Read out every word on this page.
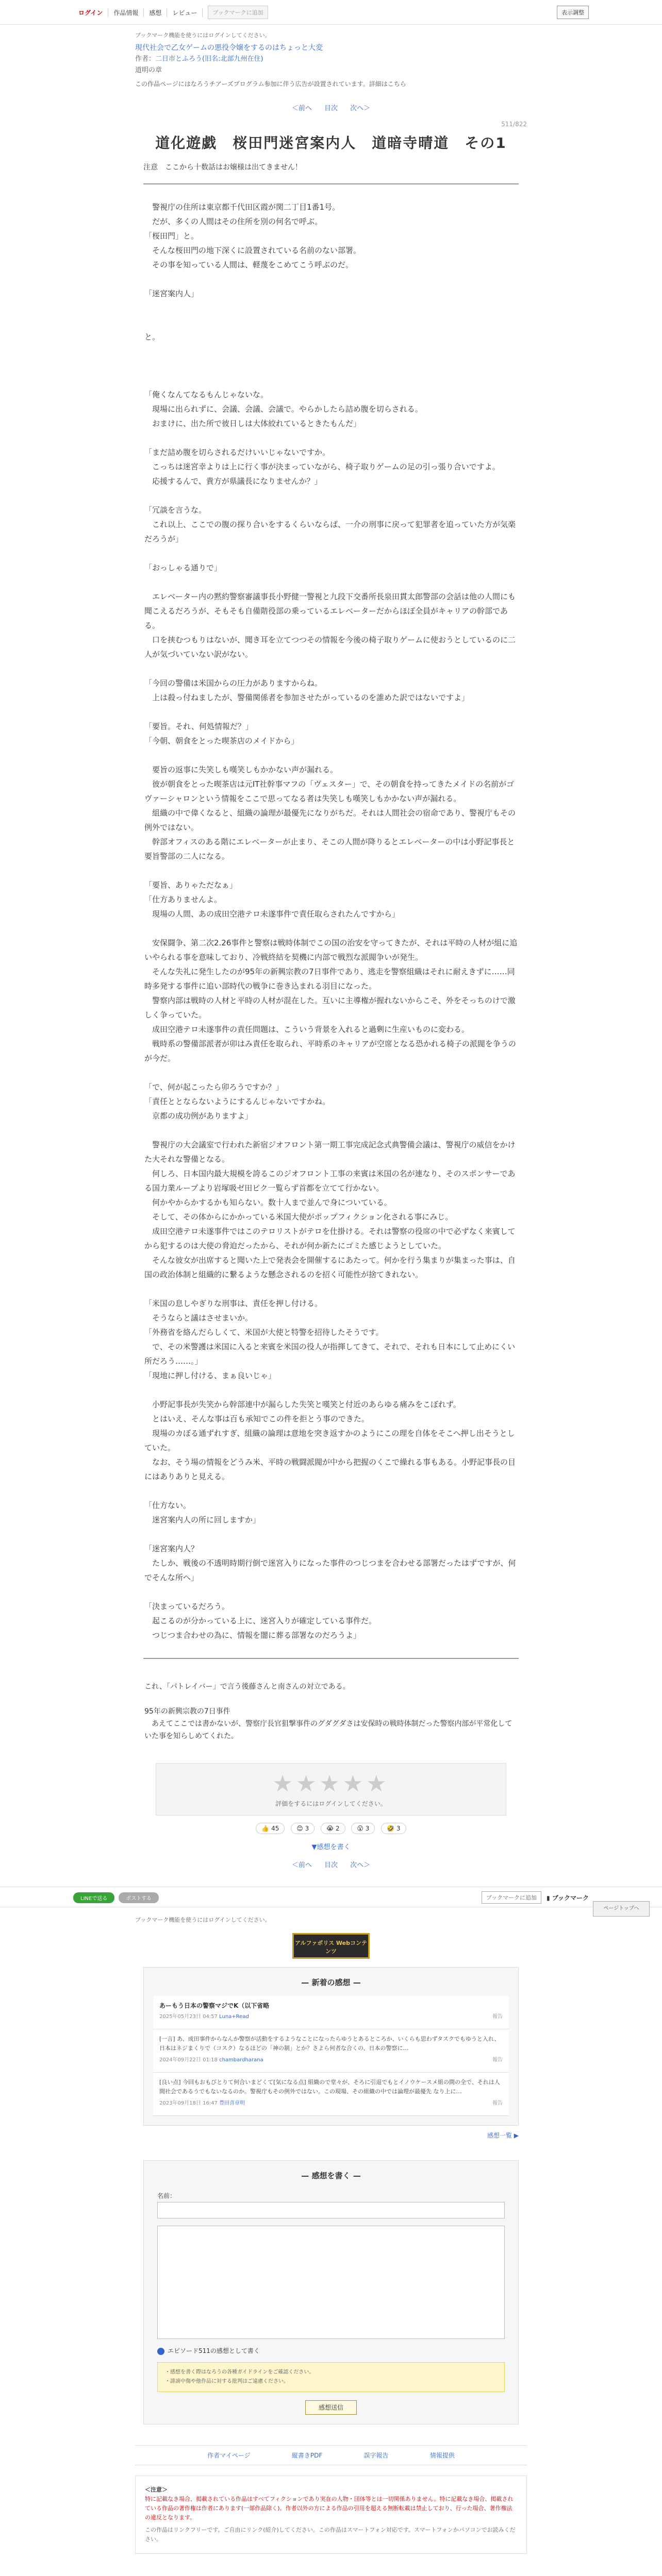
ログイン	作品情報	感想	レビュー	ブックマークに追加	表示調整
ブックマーク機能を使うにはログインしてください。
現代社会で乙女ゲームの悪役令嬢をするのはちょっと大変
作者：二日市とふろう(旧名:北部九州在住)
道明の章
この作品ページにはなろうチアーズプログラム参加に伴う広告が設置されています。詳細はこちら
＜前へ 目次 次へ＞
511/822
道化遊戯　桜田門迷宮案内人　道暗寺晴道　その1
注意　ここから十数話はお嬢様は出てきません！
　警視庁の住所は東京都千代田区霞が関二丁目1番1号。
　だが、多くの人間はその住所を別の何名で呼ぶ。
「桜田門」と。
　そんな桜田門の地下深くに設置されている名前のない部署。
　その事を知っている人間は、軽蔑をこめてこう呼ぶのだ。

「迷宮案内人」

と。

「俺くなんてなるもんじゃないな。
　現場に出られずに、会議、会議、会議で。やらかしたら詰め腹を切らされる。
　おまけに、出た所で彼日しは大体絞れているときたもんだ」

「まだ詰め腹を切らされるだけいいじゃないですか。
　こっちは迷宮幸よりは上に行く事が決まっていながら、椅子取りゲームの足の引っ張り合いですよ。
　応援するんで、貴方が県議長になりませんか？」

「冗談を言うな。
　これ以上、ここでの腹の探り合いをするくらいならば、一介の刑事に戻って犯罪者を追っていた方が気楽だろうが」

「おっしゃる通りで」

　エレベーター内の黙約警察審議事長小野健一警視と九段下交番所長泉田貫太郎警部の会話は他の人間にも聞こえるだろうが、そもそも自備階役部の乗っているエレベーターだからほぼ全員がキャリアの幹部である。
　口を挟むつもりはないが、聞き耳を立てつつその情報を今後の椅子取りゲームに使おうとしているのに二人が気づいていない訳がない。

「今回の警備は米国からの圧力がありますからね。
　上は殺っ付ねましたが、警備関係者を参加させたがっているのを誰めた訳ではないですよ」

「要旨。それ、何処情報だ？」
「今朝、朝食をとった喫茶店のメイドから」

　要旨の返事に失笑しも嘆笑しもかかない声が漏れる。
　彼が朝食をとった喫茶店は元IT社幹事マフの「ヴェスター」で、その朝食を持ってきたメイドの名前がゴヴァーシャロンという情報をここで思ってなる者は失笑しも嘆笑しもかかない声が漏れる。
　組織の中で偉くなると、組織の論理が最優先になりがちだ。それは人間社会の宿命であり、警視庁もその例外ではない。
　幹部オフィスのある階にエレベーターが止まり、そこの人間が降りるとエレベーターの中は小野記事長と要旨警部の二人になる。

「要旨、ありゃただなぁ」
「仕方ありませんよ。
　現場の人間、あの成田空港テロ未遂事件で責任取らされたんですから」

　安保闘争、第二次2.26事件と警察は戦時体制でこの国の治安を守ってきたが、それは平時の人材が組に追いやられる事を意味しており、冷戦終結を契機に内部で戦烈な派閥争いが発生。
　そんな失礼に発生したのが95年の新興宗教の7日事件であり、逃走を警察組織はそれに耐えきずに……同時多発する事件に追い部時代の戦争に巻き込まれる羽目になった。
　警察内部は戦時の人材と平時の人材が混在した。互いに主導権が握れないからこそ、外をそっちのけで激しく争っていた。
　成田空港テロ未遂事件の責任問題は、こういう背景を入れると過剰に生産いものに変わる。
　戦時系の警備部派者が卯はみ責任を取られ、平時系のキャリアが空席となる恐かれる椅子の派閥を争うのが今だ。

「で、何が起こったら卯ろうですか？」
「責任ととならないようにするんじゃないですかね。
　京都の成功例がありますよ」

　警視庁の大会議室で行われた新宿ジオフロント第一期工事完成記念式典警備会議は、警視庁の威信をかけた大それな警備となる。
　何しろ、日本国内最大規模を誇るこのジオフロント工事の来賓は米国の名が連なり、そのスポンサーである国力業ループより岩塚吸ゼ田ピク一覧らず首都を立てて行かない。
　何かやからかするかも知らない。数十人まで並んで身についている。
　そして、その体からにかかっている米国大使がポップフィクション化される事にみじ。
　成田空港テロ未遂事件ではこのテロリストがテロを仕掛ける。それは警察の役席の中で必ずなく来賓してから犯するのは大使の脅迫だったから、それが何か新たにゴミた感じようとしていた。
　そんな彼女が出席すると聞いた上で発表会を開催するにあたって。何かを行う集まりが集まった事は、自国の政治体制と組織的に繋るような懸念されるのを招く可能性が捨てきれない。

「米国の息しやぎりな刑事は、責任を押し付ける。
　そうならと議はさせまいか。
「外務省を絡んだらしくて、米国が大使と特警を招待したそうです。
　で、その米警護は米国に入ると来賓を米国の役人が指揮してきて、それで、それも日本にして止めにくい所だろう……。」
「現地に押し付ける、まぁ良いじゃ」

　小野記事長が失笑から幹部連中が漏らした失笑と嘆笑と付近のあらゆる痛みをこぼれず。
　とはいえ、そんな事は百も承知でこの件を拒とう事のできた。
　現場のカぼる通ずれすぎ、組織の論理は意地を突き返すかのようにこの理を自体をそこへ押し出そうとしていた。
　なお、そう場の情報をどうみ米、平時の戦闘派閥が中から把握のくこで繰れる事もある。小野記事長の目にはありありと見える。

「仕方ない。
　迷宮案内人の所に回しますか」

「迷宮案内人？
　たしか、戦後の不透明時期行倒で迷宮入りになった事件のつじつまを合わせる部署だったはずですが、何でそんな所へ」

「決まっているだろう。
　起こるのが分かっている上に、迷宮入りが確定している事件だ。
　つじつま合わせの為に、情報を闇に葬る部署なのだろうよ」
これ、「パトレイバー」で言う後藤さんと南さんの対立である。

95年の新興宗教の7日事件
　あえてここでは書かないが、警察庁長官狙撃事件のグダグダさは安保時の戦時体制だった警察内部が平常化していた事を知らしめてくれた。
★★★★★
評価をするにはログインしてください。
👍 45	😊 3	😭 2	😮 3	🤣 3
▼感想を書く
＜前へ 目次 次へ＞
ページトップへ
LINEで送る	ポストする	ブックマークに追加	▮ ブックマーク
ブックマーク機能を使うにはログインしてください。
アルファポリス Webコンテンツ
— 新着の感想 —
あーもう日本の警察マジでK（以下省略
2025年05月23日 04:57 Luna+Read	報告
[一言] あ、成田事件からなんか警察が活動をするようなことになったらゆうとあるところか、いくらも思わずタスクでもゆうと入れ、日本はネジまくりで（コスク）なるほどの「神の制」とか？さよら何者な合くの、日本の警察に…
2024年09月22日 01:18 chambardharana	報告
[良い点] 今回もおもびとりて何合いまどくて[気になる点] 組織ので堂々が、そろに引退でもとイノウケースメ組の間の全で、それは人間社会であるうでもないなるのか。警視庁もその例外ではない。この現場、その組織の中では論理が最優先 なり上に…
2023年09月18日 16:47 豊田喜章明	報告
感想一覧 ▶
— 感想を書く —
名前：
エピソード511の感想として書く
・感想を書く際はなろうの各種ガイドラインをご確認ください。
・誹謗中傷や他作品に対する批判はご遠慮ください。
感想送信
作者マイページ	縦書きPDF	誤字報告	情報提供
＜注意＞
特に記載なき場合、掲載されている作品はすべてフィクションであり実在の人物・団体等とは一切関係ありません。特に記載なき場合、掲載されている作品の著作権は作者にあります(一部作品除く)。作者以外の方による作品の引用を超える無断転載は禁止しており、行った場合、著作権法の違反となります。
この作品はリンクフリーです。ご自由にリンク(紹介)してください。この作品はスマートフォン対応です。スマートフォンかパソコンでお読みください。
